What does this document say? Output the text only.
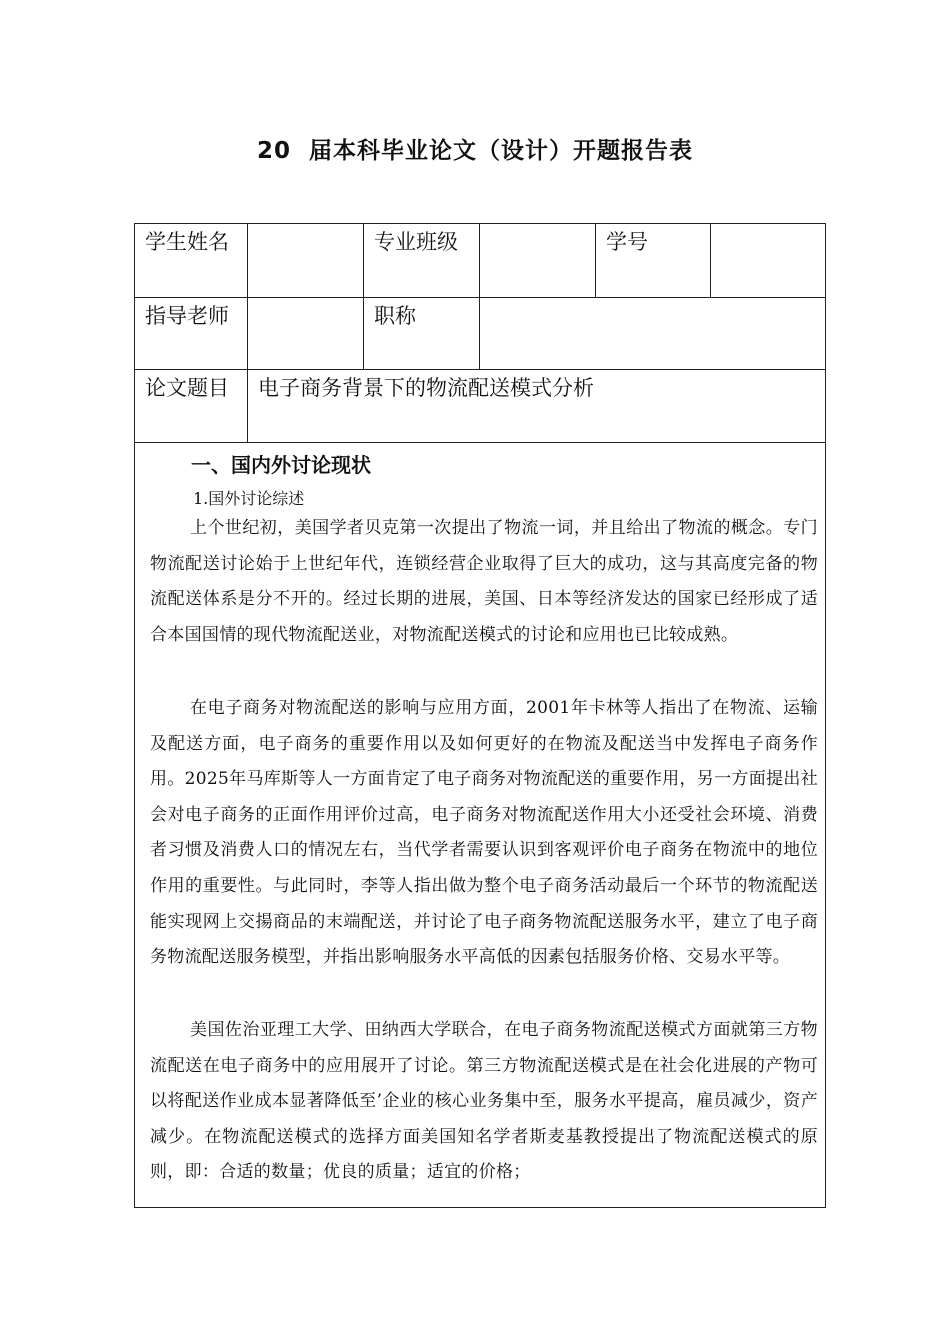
20 届本科毕业论文（设计）开题报告表
学生姓名	专业班级	学号
指导老师	职称
论文题目	电子商务背景下的物流配送模式分析
一、国内外讨论现状
1.国外讨论综述
上个世纪初，美国学者贝克第一次提出了物流一词，并且给出了物流的概念。专门物流配送讨论始于上世纪年代，连锁经营企业取得了巨大的成功，这与其高度完备的物流配送体系是分不开的。经过长期的进展，美国、日本等经济发达的国家已经形成了适合本国国情的现代物流配送业，对物流配送模式的讨论和应用也已比较成熟。
在电子商务对物流配送的影响与应用方面，2001年卡林等人指出了在物流、运输及配送方面，电子商务的重要作用以及如何更好的在物流及配送当中发挥电子商务作用。2025年马库斯等人一方面肯定了电子商务对物流配送的重要作用，另一方面提出社会对电子商务的正面作用评价过高，电子商务对物流配送作用大小还受社会环境、消费者习惯及消费人口的情况左右，当代学者需要认识到客观评价电子商务在物流中的地位作用的重要性。与此同时，李等人指出做为整个电子商务活动最后一个环节的物流配送能实现网上交揚商品的末端配送，并讨论了电子商务物流配送服务水平，建立了电子商务物流配送服务模型，并指出影响服务水平高低的因素包括服务价格、交易水平等。
美国佐治亚理工大学、田纳西大学联合，在电子商务物流配送模式方面就第三方物流配送在电子商务中的应用展开了讨论。第三方物流配送模式是在社会化进展的产物可以将配送作业成本显著降低至’企业的核心业务集中至，服务水平提高，雇员减少，资产减少。在物流配送模式的选择方面美国知名学者斯麦基教授提出了物流配送模式的原则，即：合适的数量；优良的质量；适宜的价格；
